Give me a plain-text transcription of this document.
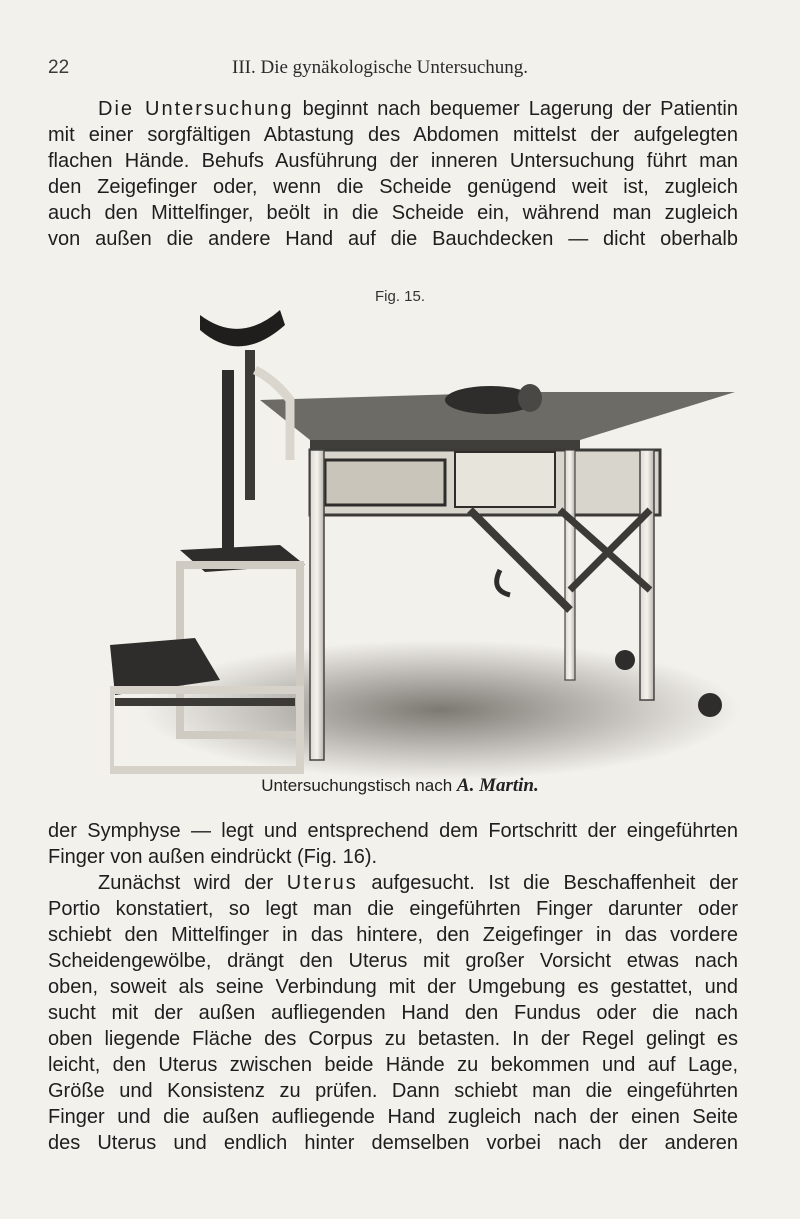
22	III. Die gynäkologische Untersuchung.
Die Untersuchung beginnt nach bequemer Lagerung der Patientin
mit einer sorgfältigen Abtastung des Abdomen mittelst der aufgelegten
flachen Hände. Behufs Ausführung der inneren Untersuchung führt man
den Zeigefinger oder, wenn die Scheide genügend weit ist, zugleich
auch den Mittelfinger, beölt in die Scheide ein, während man zugleich
von außen die andere Hand auf die Bauchdecken — dicht oberhalb
Fig. 15.
Untersuchungstisch nach A. Martin.
der Symphyse — legt und entsprechend dem Fortschritt der eingeführten
Finger von außen eindrückt (Fig. 16).
Zunächst wird der Uterus aufgesucht. Ist die Beschaffenheit der
Portio konstatiert, so legt man die eingeführten Finger darunter oder
schiebt den Mittelfinger in das hintere, den Zeigefinger in das vordere
Scheidengewölbe, drängt den Uterus mit großer Vorsicht etwas nach
oben, soweit als seine Verbindung mit der Umgebung es gestattet, und
sucht mit der außen aufliegenden Hand den Fundus oder die nach
oben liegende Fläche des Corpus zu betasten. In der Regel gelingt es
leicht, den Uterus zwischen beide Hände zu bekommen und auf Lage,
Größe und Konsistenz zu prüfen. Dann schiebt man die eingeführten
Finger und die außen aufliegende Hand zugleich nach der einen Seite
des Uterus und endlich hinter demselben vorbei nach der anderen
